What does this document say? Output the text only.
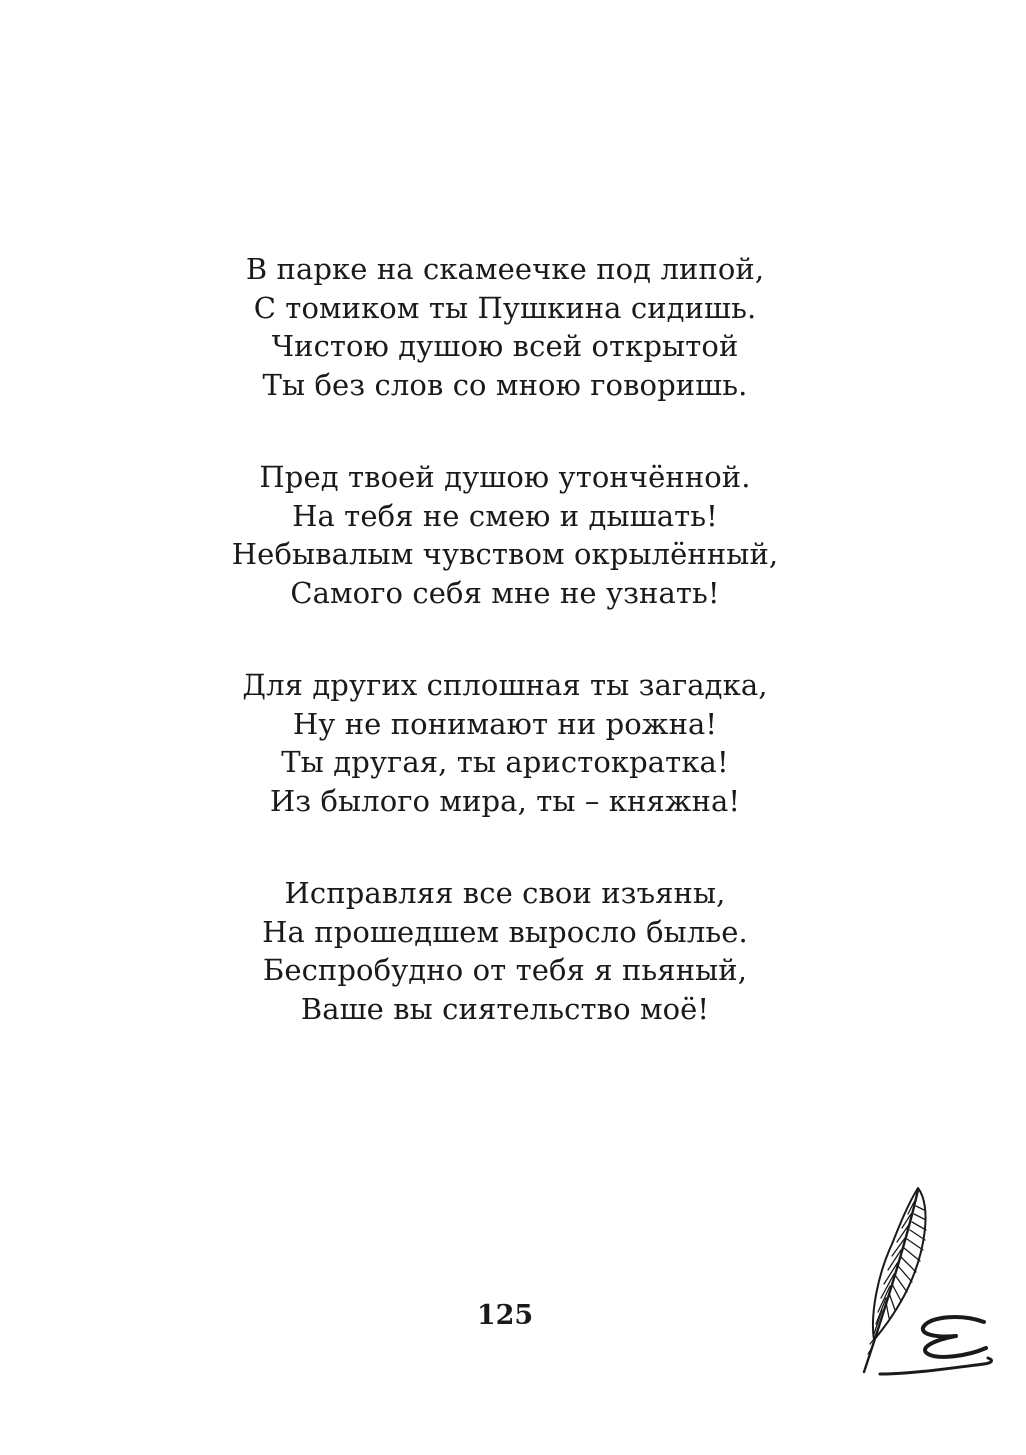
В парке на скамеечке под липой,
С томиком ты Пушкина сидишь.
Чистою душою всей открытой
Ты без слов со мною говоришь.
Пред твоей душою утончённой.
На тебя не смею и дышать!
Небывалым чувством окрылённый,
Самого себя мне не узнать!
Для других сплошная ты загадка,
Ну не понимают ни рожна!
Ты другая, ты аристократка!
Из былого мира, ты – княжна!
Исправляя все свои изъяны,
На прошедшем выросло былье.
Беспробудно от тебя я пьяный,
Ваше вы сиятельство моё!
125
